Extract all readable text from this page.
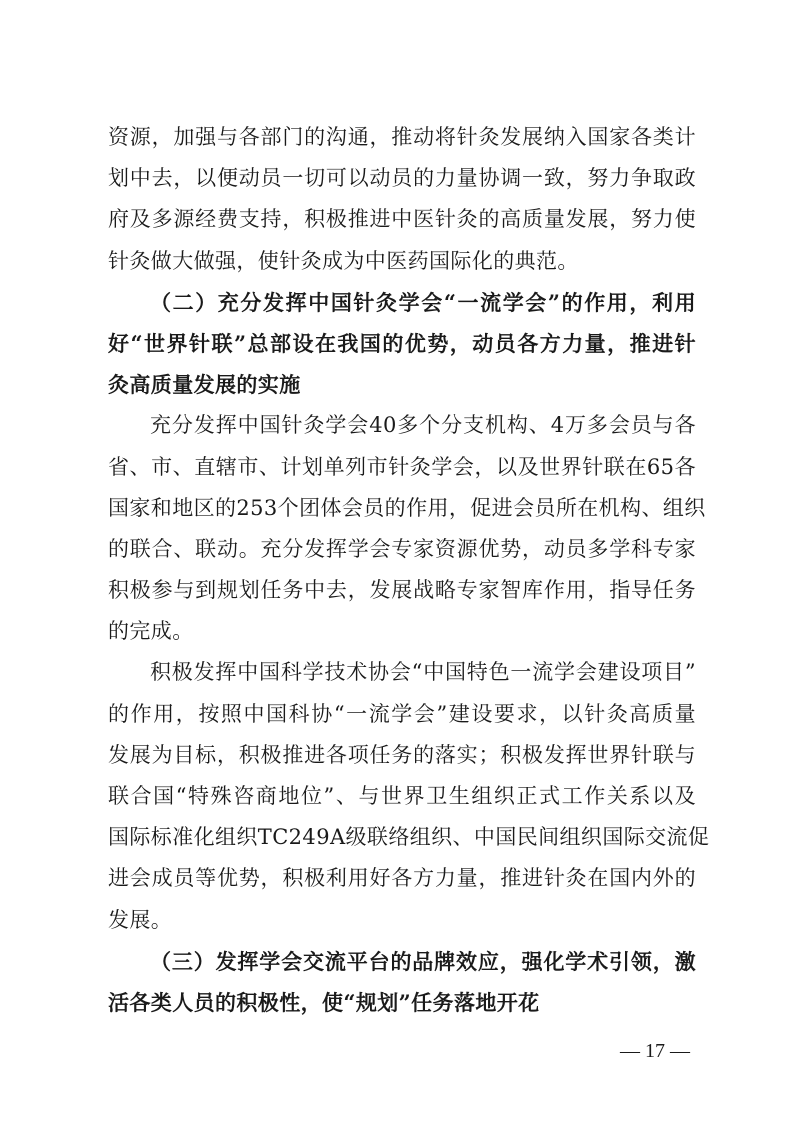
资源，加强与各部门的沟通，推动将针灸发展纳入国家各类计
划中去，以便动员一切可以动员的力量协调一致，努力争取政
府及多源经费支持，积极推进中医针灸的高质量发展，努力使
针灸做大做强，使针灸成为中医药国际化的典范。
（二）充分发挥中国针灸学会“一流学会”的作用，利用
好“世界针联”总部设在我国的优势，动员各方力量，推进针
灸高质量发展的实施
充分发挥中国针灸学会40多个分支机构、4万多会员与各
省、市、直辖市、计划单列市针灸学会，以及世界针联在65各
国家和地区的253个团体会员的作用，促进会员所在机构、组织
的联合、联动。充分发挥学会专家资源优势，动员多学科专家
积极参与到规划任务中去，发展战略专家智库作用，指导任务
的完成。
积极发挥中国科学技术协会“中国特色一流学会建设项目”
的作用，按照中国科协“一流学会”建设要求，以针灸高质量
发展为目标，积极推进各项任务的落实；积极发挥世界针联与
联合国“特殊咨商地位”、与世界卫生组织正式工作关系以及
国际标准化组织TC249A级联络组织、中国民间组织国际交流促
进会成员等优势，积极利用好各方力量，推进针灸在国内外的
发展。
（三）发挥学会交流平台的品牌效应，强化学术引领，激
活各类人员的积极性，使“规划”任务落地开花
— 17 —
